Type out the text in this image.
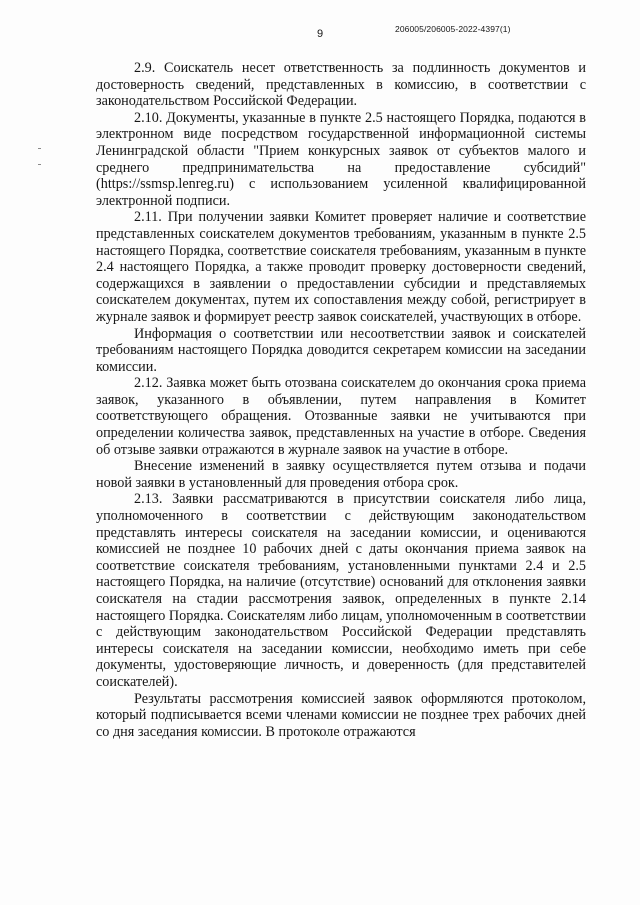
9	206005/206005-2022-4397(1)

2.9. Соискатель несет ответственность за подлинность документов и достоверность сведений, представленных в комиссию, в соответствии с законодательством Российской Федерации.

2.10. Документы, указанные в пункте 2.5 настоящего Порядка, подаются в электронном виде посредством государственной информационной системы Ленинградской области "Прием конкурсных заявок от субъектов малого и среднего предпринимательства на предоставление субсидий" (https://ssmsp.lenreg.ru) с использованием усиленной квалифицированной электронной подписи.

2.11. При получении заявки Комитет проверяет наличие и соответствие представленных соискателем документов требованиям, указанным в пункте 2.5 настоящего Порядка, соответствие соискателя требованиям, указанным в пункте 2.4 настоящего Порядка, а также проводит проверку достоверности сведений, содержащихся в заявлении о предоставлении субсидии и представляемых соискателем документах, путем их сопоставления между собой, регистрирует в журнале заявок и формирует реестр заявок соискателей, участвующих в отборе.

Информация о соответствии или несоответствии заявок и соискателей требованиям настоящего Порядка доводится секретарем комиссии на заседании комиссии.

2.12. Заявка может быть отозвана соискателем до окончания срока приема заявок, указанного в объявлении, путем направления в Комитет соответствующего обращения. Отозванные заявки не учитываются при определении количества заявок, представленных на участие в отборе. Сведения об отзыве заявки отражаются в журнале заявок на участие в отборе.

Внесение изменений в заявку осуществляется путем отзыва и подачи новой заявки в установленный для проведения отбора срок.

2.13. Заявки рассматриваются в присутствии соискателя либо лица, уполномоченного в соответствии с действующим законодательством представлять интересы соискателя на заседании комиссии, и оцениваются комиссией не позднее 10 рабочих дней с даты окончания приема заявок на соответствие соискателя требованиям, установленными пунктами 2.4 и 2.5 настоящего Порядка, на наличие (отсутствие) оснований для отклонения заявки соискателя на стадии рассмотрения заявок, определенных в пункте 2.14 настоящего Порядка. Соискателям либо лицам, уполномоченным в соответствии с действующим законодательством Российской Федерации представлять интересы соискателя на заседании комиссии, необходимо иметь при себе документы, удостоверяющие личность, и доверенность (для представителей соискателей).

Результаты рассмотрения комиссией заявок оформляются протоколом, который подписывается всеми членами комиссии не позднее трех рабочих дней со дня заседания комиссии. В протоколе отражаются
